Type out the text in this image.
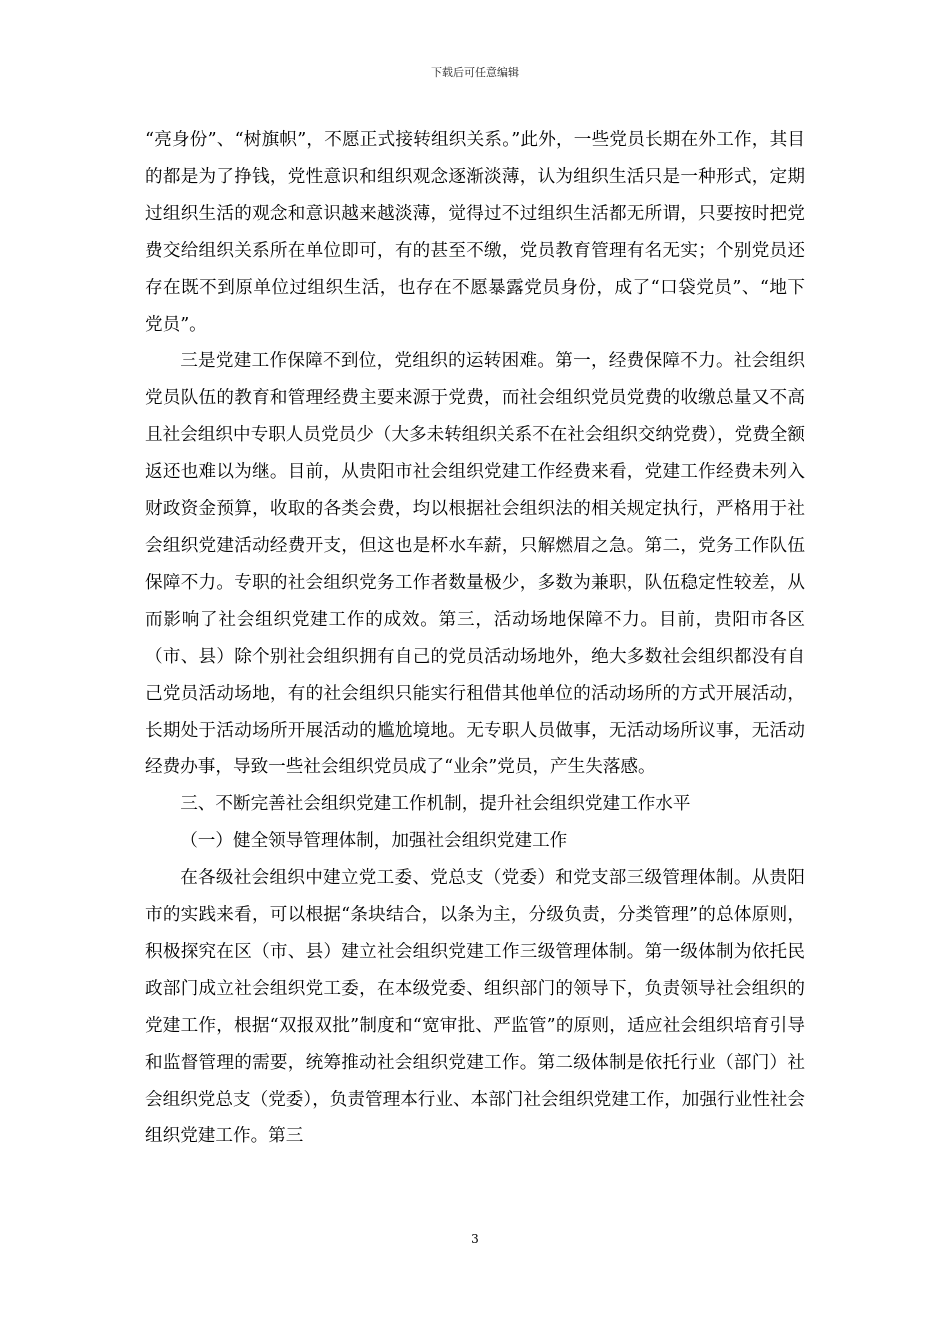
下载后可任意编辑

“亮身份”、“树旗帜”，不愿正式接转组织关系。”此外，一些党员长期在外工作，其目的都是为了挣钱，党性意识和组织观念逐渐淡薄，认为组织生活只是一种形式，定期过组织生活的观念和意识越来越淡薄，觉得过不过组织生活都无所谓，只要按时把党费交给组织关系所在单位即可，有的甚至不缴，党员教育管理有名无实；个别党员还存在既不到原单位过组织生活，也存在不愿暴露党员身份，成了“口袋党员”、“地下党员”。

三是党建工作保障不到位，党组织的运转困难。第一，经费保障不力。社会组织党员队伍的教育和管理经费主要来源于党费，而社会组织党员党费的收缴总量又不高且社会组织中专职人员党员少（大多未转组织关系不在社会组织交纳党费），党费全额返还也难以为继。目前，从贵阳市社会组织党建工作经费来看，党建工作经费未列入财政资金预算，收取的各类会费，均以根据社会组织法的相关规定执行，严格用于社会组织党建活动经费开支，但这也是杯水车薪，只解燃眉之急。第二，党务工作队伍保障不力。专职的社会组织党务工作者数量极少，多数为兼职，队伍稳定性较差，从而影响了社会组织党建工作的成效。第三，活动场地保障不力。目前，贵阳市各区（市、县）除个别社会组织拥有自己的党员活动场地外，绝大多数社会组织都没有自己党员活动场地，有的社会组织只能实行租借其他单位的活动场所的方式开展活动，长期处于活动场所开展活动的尴尬境地。无专职人员做事，无活动场所议事，无活动经费办事，导致一些社会组织党员成了“业余”党员，产生失落感。

三、不断完善社会组织党建工作机制，提升社会组织党建工作水平

（一）健全领导管理体制，加强社会组织党建工作

在各级社会组织中建立党工委、党总支（党委）和党支部三级管理体制。从贵阳市的实践来看，可以根据“条块结合，以条为主，分级负责，分类管理”的总体原则，积极探究在区（市、县）建立社会组织党建工作三级管理体制。第一级体制为依托民政部门成立社会组织党工委，在本级党委、组织部门的领导下，负责领导社会组织的党建工作，根据“双报双批”制度和“宽审批、严监管”的原则，适应社会组织培育引导和监督管理的需要，统筹推动社会组织党建工作。第二级体制是依托行业（部门）社会组织党总支（党委），负责管理本行业、本部门社会组织党建工作，加强行业性社会组织党建工作。第三

3
